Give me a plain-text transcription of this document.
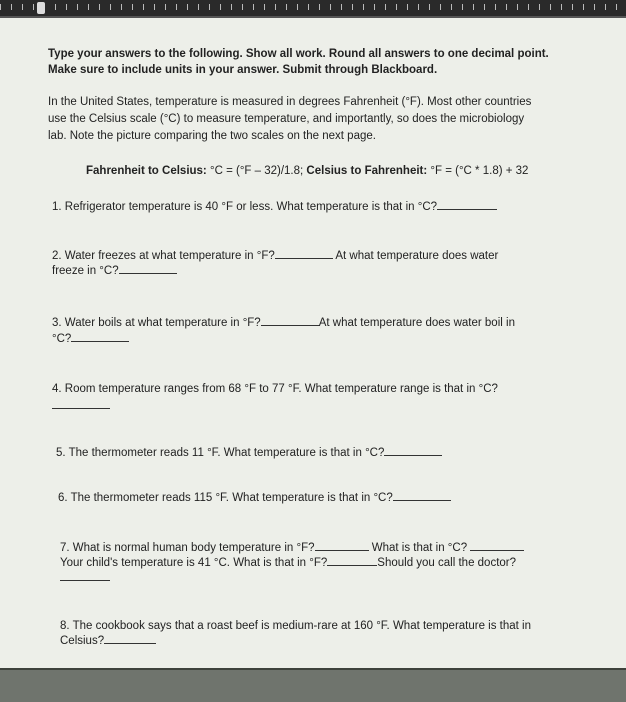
Type your answers to the following. Show all work. Round all answers to one decimal point.
Make sure to include units in your answer. Submit through Blackboard.
In the United States, temperature is measured in degrees Fahrenheit (°F). Most other countries
use the Celsius scale (°C) to measure temperature, and importantly, so does the microbiology
lab. Note the picture comparing the two scales on the next page.
Fahrenheit to Celsius: °C = (°F – 32)/1.8; Celsius to Fahrenheit: °F = (°C * 1.8) + 32
1. Refrigerator temperature is 40 °F or less. What temperature is that in °C?
2. Water freezes at what temperature in °F?	At what temperature does water
freeze in °C?
3. Water boils at what temperature in °F?	At what temperature does water boil in
°C?
4. Room temperature ranges from 68 °F to 77 °F. What temperature range is that in °C?
5. The thermometer reads 11 °F. What temperature is that in °C?
6. The thermometer reads 115 °F. What temperature is that in °C?
7. What is normal human body temperature in °F?	What is that in °C?
Your child's temperature is 41 °C. What is that in °F?	Should you call the doctor?
8. The cookbook says that a roast beef is medium-rare at 160 °F. What temperature is that in
Celsius?
